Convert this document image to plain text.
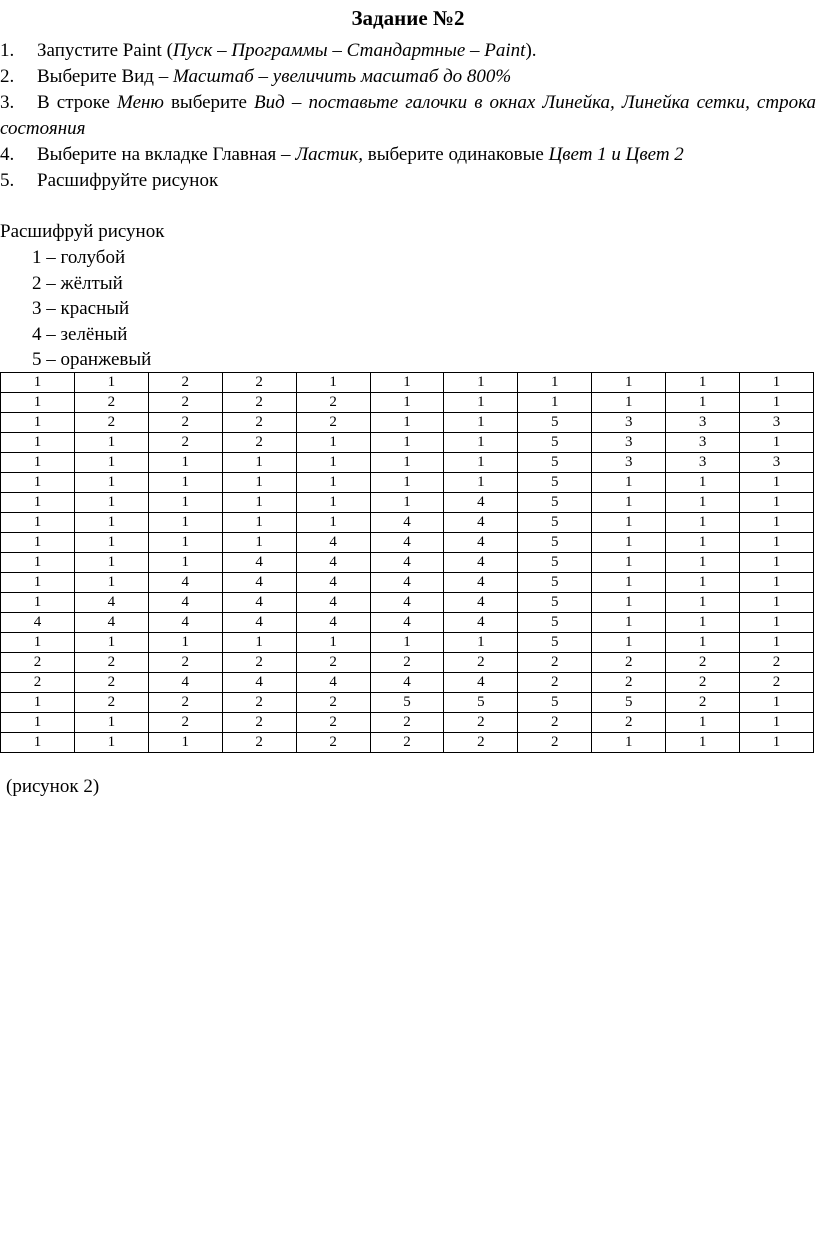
Задание №2
1. Запустите Paint (Пуск – Программы – Стандартные – Paint).
2. Выберите Вид – Масштаб – увеличить масштаб до 800%
3. В строке Меню выберите Вид – поставьте галочки в окнах Линейка, Линейка сетки, строка состояния
4. Выберите на вкладке Главная – Ластик, выберите одинаковые Цвет 1 и Цвет 2
5. Расшифруйте рисунок
Расшифруй рисунок
1 – голубой
2 – жёлтый
3 – красный
4 – зелёный
5 – оранжевый
1	1	2	2	1	1	1	1	1	1	1
1	2	2	2	2	1	1	1	1	1	1
1	2	2	2	2	1	1	5	3	3	3
1	1	2	2	1	1	1	5	3	3	1
1	1	1	1	1	1	1	5	3	3	3
1	1	1	1	1	1	1	5	1	1	1
1	1	1	1	1	1	4	5	1	1	1
1	1	1	1	1	4	4	5	1	1	1
1	1	1	1	4	4	4	5	1	1	1
1	1	1	4	4	4	4	5	1	1	1
1	1	4	4	4	4	4	5	1	1	1
1	4	4	4	4	4	4	5	1	1	1
4	4	4	4	4	4	4	5	1	1	1
1	1	1	1	1	1	1	5	1	1	1
2	2	2	2	2	2	2	2	2	2	2
2	2	4	4	4	4	4	2	2	2	2
1	2	2	2	2	5	5	5	5	2	1
1	1	2	2	2	2	2	2	2	1	1
1	1	1	2	2	2	2	2	1	1	1
(рисунок 2)
